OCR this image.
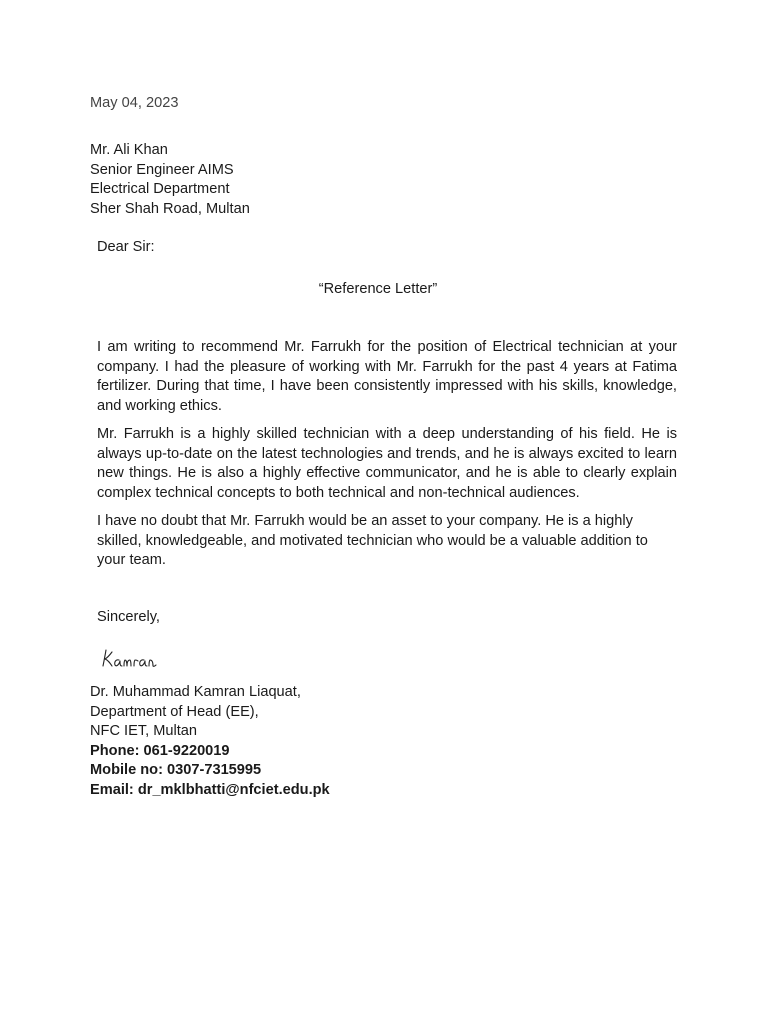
May 04, 2023
Mr. Ali Khan
Senior Engineer AIMS
Electrical Department
Sher Shah Road, Multan
Dear Sir:
“Reference Letter”

I am writing to recommend Mr. Farrukh for the position of Electrical technician at your company. I had the pleasure of working with Mr. Farrukh for the past 4 years at Fatima fertilizer. During that time, I have been consistently impressed with his skills, knowledge, and working ethics.

Mr. Farrukh is a highly skilled technician with a deep understanding of his field. He is always up-to-date on the latest technologies and trends, and he is always excited to learn new things. He is also a highly effective communicator, and he is able to clearly explain complex technical concepts to both technical and non-technical audiences.

I have no doubt that Mr. Farrukh would be an asset to your company. He is a highly skilled, knowledgeable, and motivated technician who would be a valuable addition to your team.

Sincerely,
Dr. Muhammad Kamran Liaquat,
Department of Head (EE),
NFC IET, Multan
Phone: 061-9220019
Mobile no: 0307-7315995
Email: dr_mklbhatti@nfciet.edu.pk
